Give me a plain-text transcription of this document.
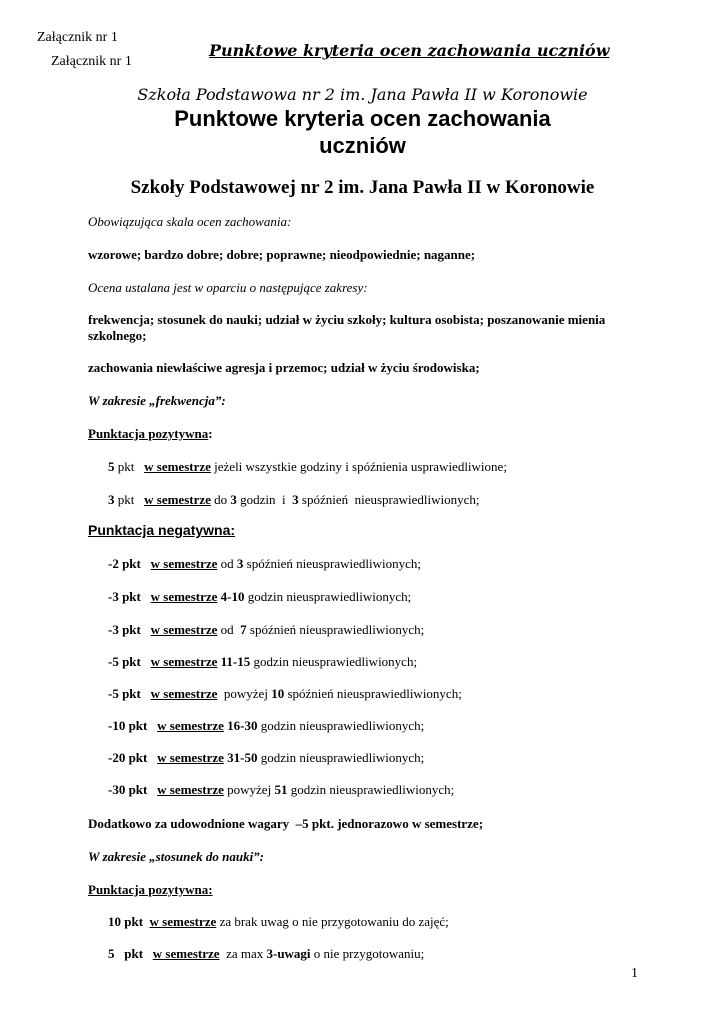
Załącznik nr 1
Załącznik nr 1
Punktowe kryteria ocen zachowania uczniów
Szkoła Podstawowa nr 2 im. Jana Pawła II w Koronowie
Punktowe kryteria ocen zachowania
uczniów
Szkoły Podstawowej nr 2 im. Jana Pawła II w Koronowie
Obowiązująca skala ocen zachowania:
wzorowe; bardzo dobre; dobre; poprawne; nieodpowiednie; naganne;
Ocena ustalana jest w oparciu o następujące zakresy:
frekwencja; stosunek do nauki; udział w życiu szkoły; kultura osobista; poszanowanie mienia szkolnego;
zachowania niewłaściwe agresja i przemoc; udział w życiu środowiska;
W zakresie „frekwencja”:
Punktacja pozytywna:
5 pkt   w semestrze jeżeli wszystkie godziny i spóźnienia usprawiedliwione;
3 pkt   w semestrze do 3 godzin  i  3 spóźnień  nieusprawiedliwionych;
Punktacja negatywna:
-2 pkt w semestrze od 3 spóźnień nieusprawiedliwionych;
-3 pkt w semestrze 4-10 godzin nieusprawiedliwionych;
-3 pkt w semestrze od  7 spóźnień nieusprawiedliwionych;
-5 pkt w semestrze 11-15 godzin nieusprawiedliwionych;
-5 pkt w semestrze  powyżej 10 spóźnień nieusprawiedliwionych;
-10 pkt w semestrze 16-30 godzin nieusprawiedliwionych;
-20 pkt w semestrze 31-50 godzin nieusprawiedliwionych;
-30 pkt w semestrze powyżej 51 godzin nieusprawiedliwionych;
Dodatkowo za udowodnione wagary  –5 pkt. jednorazowo w semestrze;
W zakresie „stosunek do nauki”:
Punktacja pozytywna:
10 pkt w semestrze za brak uwag o nie przygotowaniu do zajęć;
5   pkt w semestrze  za max 3-uwagi o nie przygotowaniu;
1
